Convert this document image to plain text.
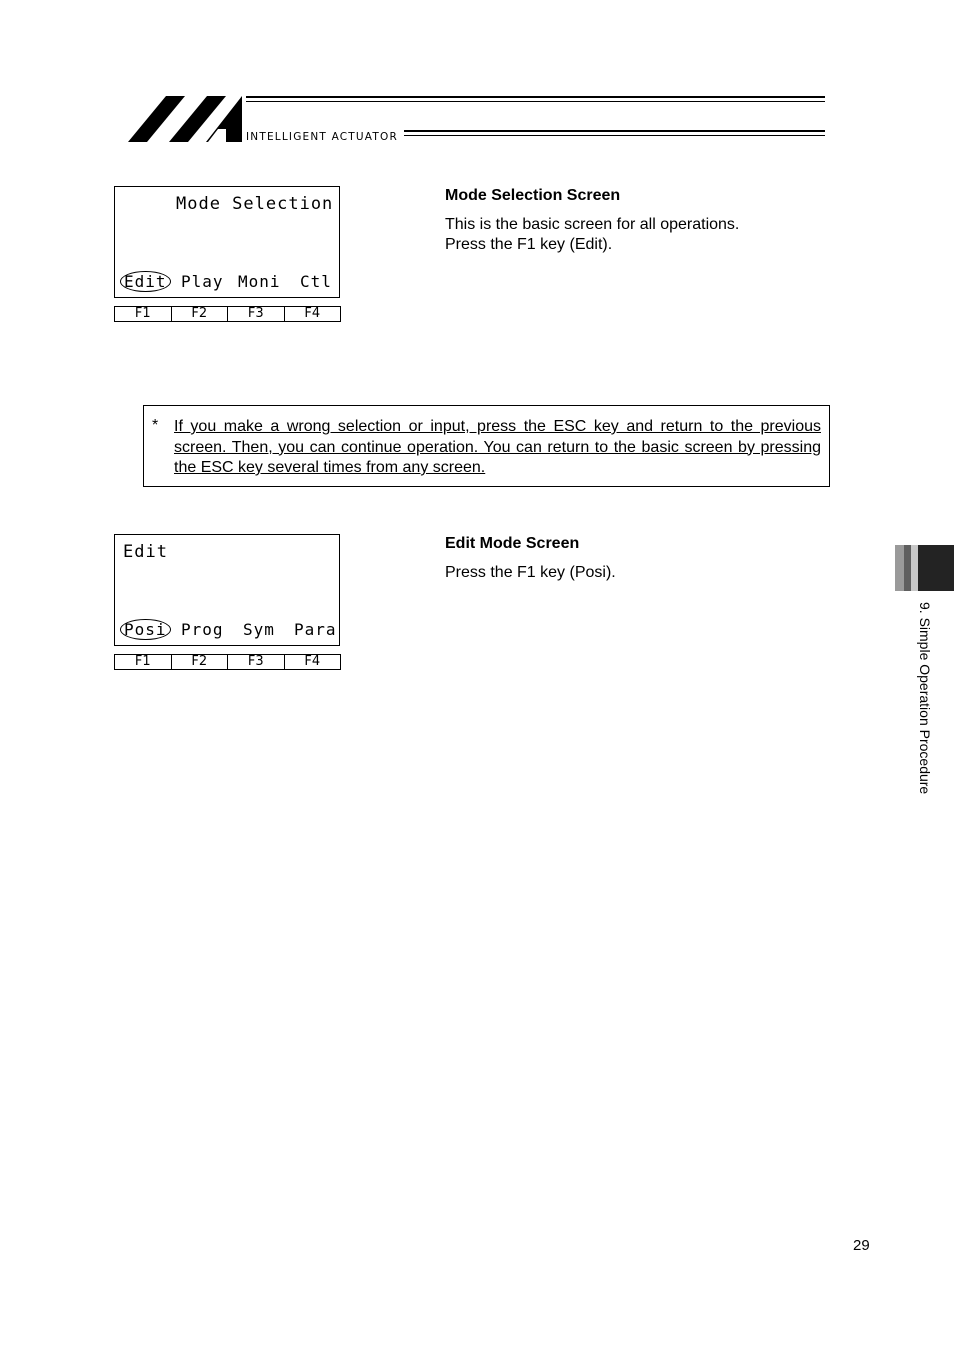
INTELLIGENT ACTUATOR
Mode Selection
Edit Play Moni Ctl
F1	F2	F3	F4
Mode Selection Screen
This is the basic screen for all operations.
Press the F1 key (Edit).
* If you make a wrong selection or input, press the ESC key and return to the previous screen. Then, you can continue operation. You can return to the basic screen by pressing the ESC key several times from any screen.
Edit
Posi Prog Sym Para
F1	F2	F3	F4
Edit Mode Screen
Press the F1 key (Posi).
9. Simple Operation Procedure
29
